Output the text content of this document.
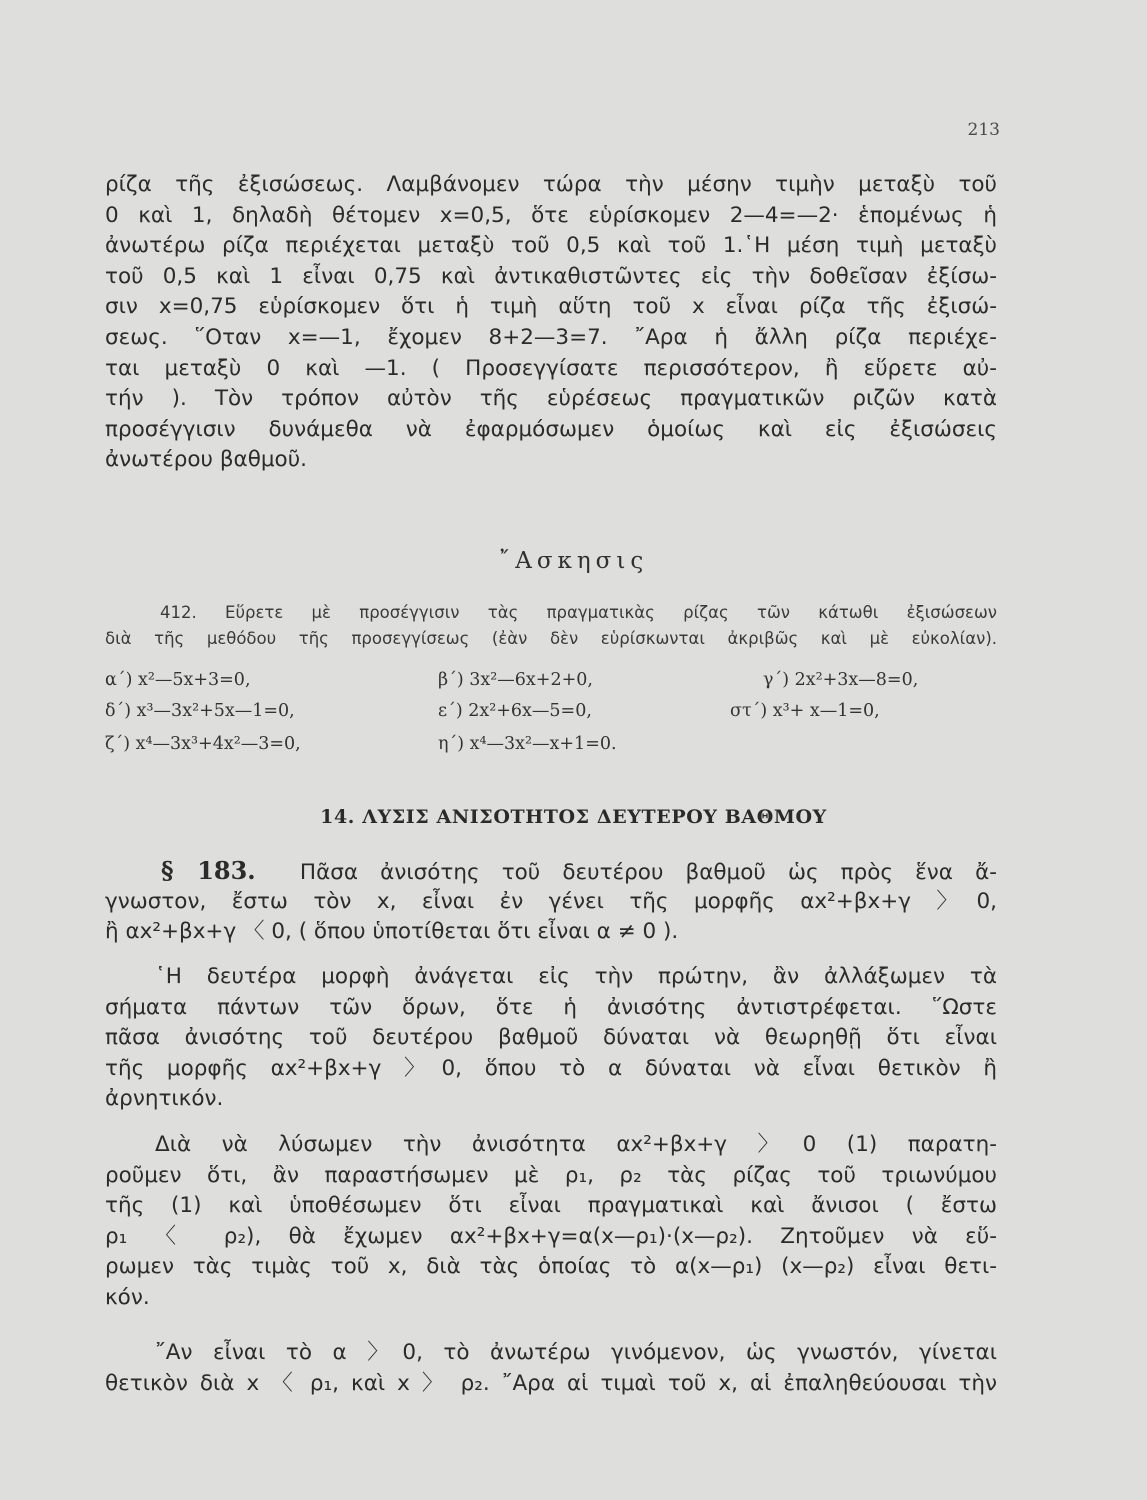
213
ρίζα τῆς ἐξισώσεως. Λαμβάνομεν τώρα τὴν μέσην τιμὴν μεταξὺ τοῦ
0 καὶ 1, δηλαδὴ θέτομεν x=0,5, ὅτε εὑρίσκομεν 2—4=—2· ἑπομένως ἡ
ἀνωτέρω ρίζα περιέχεται μεταξὺ τοῦ 0,5 καὶ τοῦ 1.῾Η μέση τιμὴ μεταξὺ
τοῦ 0,5 καὶ 1 εἶναι 0,75 καὶ ἀντικαθιστῶντες εἰς τὴν δοθεῖσαν ἐξίσω-
σιν x=0,75 εὑρίσκομεν ὅτι ἡ τιμὴ αὕτη τοῦ x εἶναι ρίζα τῆς ἐξισώ-
σεως. ῞Οταν x=—1, ἔχομεν 8+2—3=7. ῎Αρα ἡ ἄλλη ρίζα περιέχε-
ται μεταξὺ 0 καὶ —1. ( Προσεγγίσατε περισσότερον, ἢ εὕρετε αὐ-
τήν ). Τὸν τρόπον αὐτὸν τῆς εὑρέσεως πραγματικῶν ριζῶν κατὰ
προσέγγισιν δυνάμεθα νὰ ἐφαρμόσωμεν ὁμοίως καὶ εἰς ἐξισώσεις
ἀνωτέρου βαθμοῦ.
῎Ασκησις
412. Εὕρετε μὲ προσέγγισιν τὰς πραγματικὰς ρίζας τῶν κάτωθι ἐξισώσεων
διὰ τῆς μεθόδου τῆς προσεγγίσεως (ἐὰν δὲν εὑρίσκωνται ἀκριβῶς καὶ μὲ εὐκολίαν).
α΄) x²—5x+3=0,	β΄) 3x²—6x+2+0,	γ΄) 2x²+3x—8=0,
δ΄) x³—3x²+5x—1=0,	ε΄) 2x²+6x—5=0,	στ΄) x³+ x—1=0,
ζ΄) x⁴—3x³+4x²—3=0,	η΄) x⁴—3x²—x+1=0.
14. ΛΥΣΙΣ ΑΝΙΣΟΤΗΤΟΣ ΔΕΥΤΕΡΟΥ ΒΑΘΜΟΥ
§ 183. Πᾶσα ἀνισότης τοῦ δευτέρου βαθμοῦ ὡς πρὸς ἕνα ἄ-
γνωστον, ἔστω τὸν x, εἶναι ἐν γένει τῆς μορφῆς αx²+βx+γ 〉0,
ἢ αx²+βx+γ 〈 0, ( ὅπου ὑποτίθεται ὅτι εἶναι α ≠ 0 ).
῾Η δευτέρα μορφὴ ἀνάγεται εἰς τὴν πρώτην, ἂν ἀλλάξωμεν τὰ
σήματα πάντων τῶν ὅρων, ὅτε ἡ ἀνισότης ἀντιστρέφεται. ῞Ωστε
πᾶσα ἀνισότης τοῦ δευτέρου βαθμοῦ δύναται νὰ θεωρηθῇ ὅτι εἶναι
τῆς μορφῆς αx²+βx+γ 〉0, ὅπου τὸ α δύναται νὰ εἶναι θετικὸν ἢ
ἀρνητικόν.
Διὰ νὰ λύσωμεν τὴν ἀνισότητα αx²+βx+γ 〉0 (1) παρατη-
ροῦμεν ὅτι, ἂν παραστήσωμεν μὲ ρ₁, ρ₂ τὰς ρίζας τοῦ τριωνύμου
τῆς (1) καὶ ὑποθέσωμεν ὅτι εἶναι πραγματικαὶ καὶ ἄνισοι ( ἔστω
ρ₁ 〈 ρ₂), θὰ ἔχωμεν αx²+βx+γ=α(x—ρ₁)·(x—ρ₂). Ζητοῦμεν νὰ εὕ-
ρωμεν τὰς τιμὰς τοῦ x, διὰ τὰς ὁποίας τὸ α(x—ρ₁) (x—ρ₂) εἶναι θετι-
κόν.
῎Αν εἶναι τὸ α 〉0, τὸ ἀνωτέρω γινόμενον, ὡς γνωστόν, γίνεται
θετικὸν διὰ x 〈 ρ₁, καὶ x 〉 ρ₂. ῎Αρα αἱ τιμαὶ τοῦ x, αἱ ἐπαληθεύουσαι τὴν
